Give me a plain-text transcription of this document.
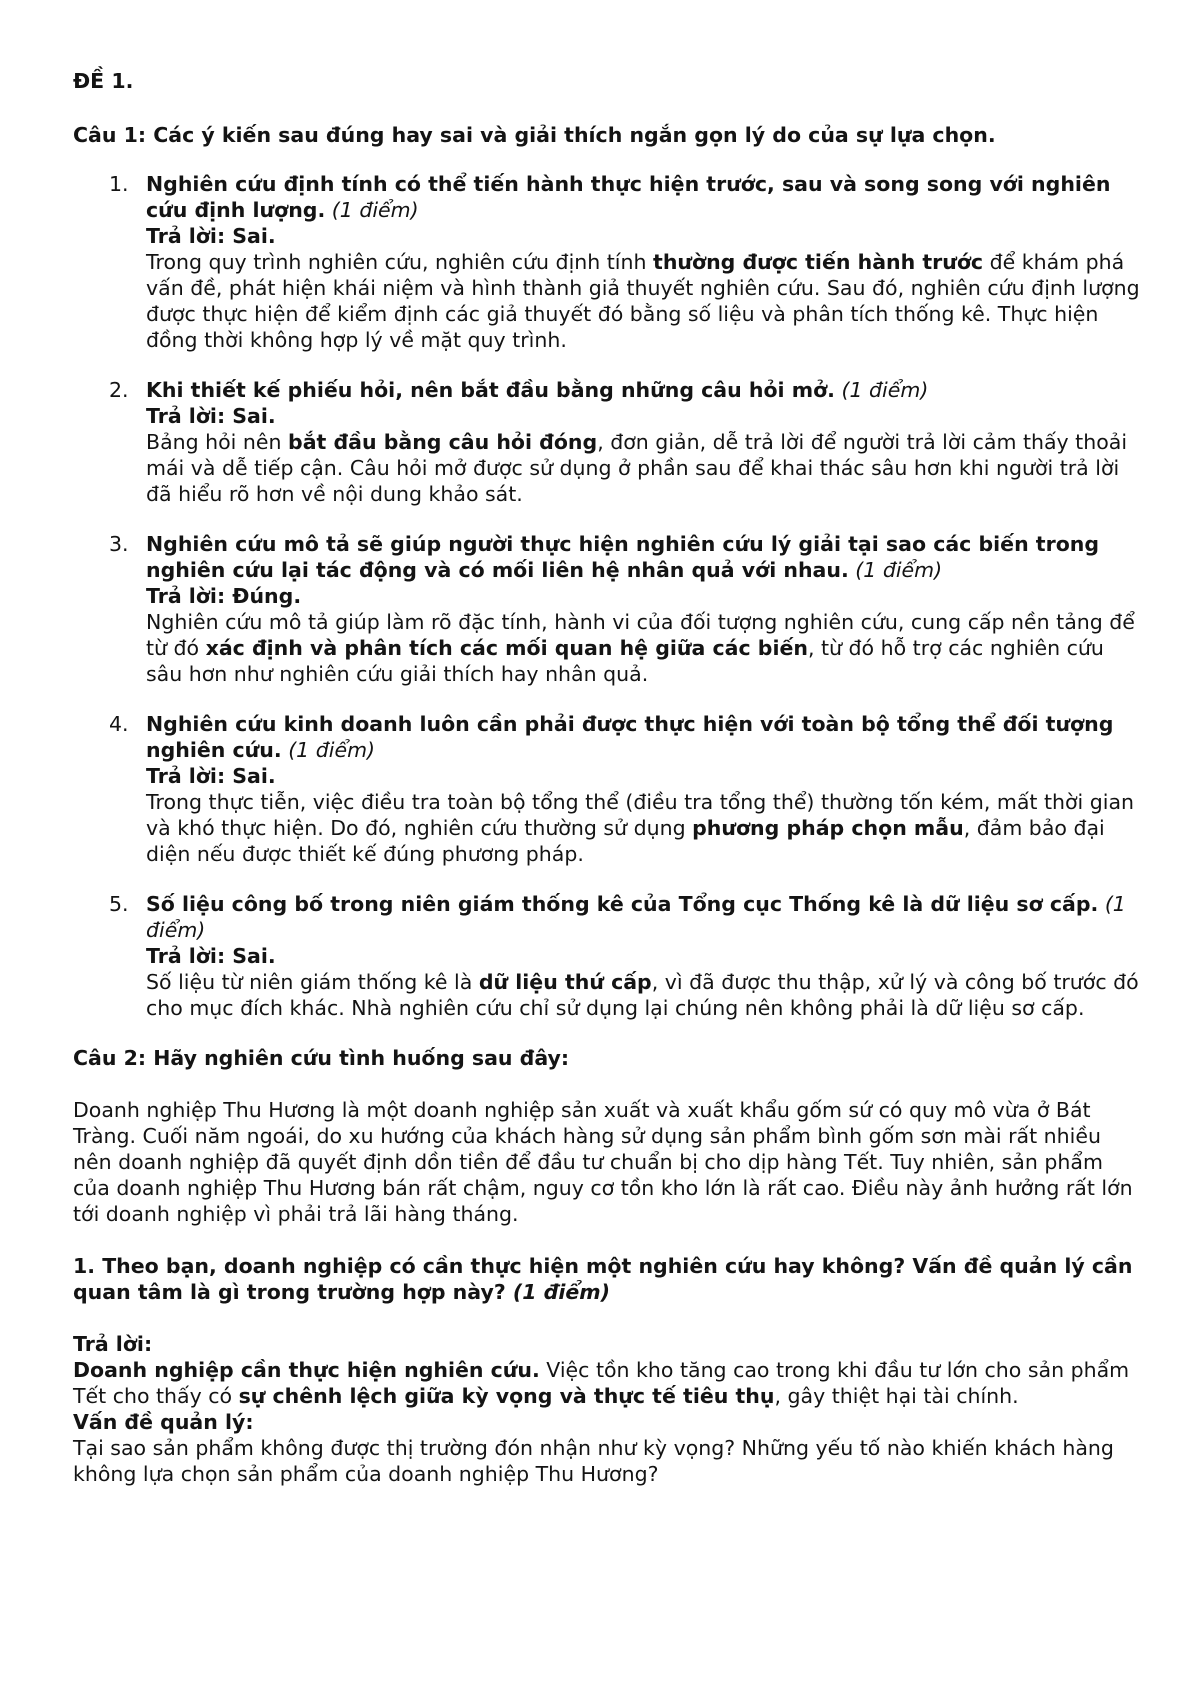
ĐỀ 1.

Câu 1: Các ý kiến sau đúng hay sai và giải thích ngắn gọn lý do của sự lựa chọn.

1. Nghiên cứu định tính có thể tiến hành thực hiện trước, sau và song song với nghiên cứu định lượng. (1 điểm)
Trả lời: Sai.
Trong quy trình nghiên cứu, nghiên cứu định tính thường được tiến hành trước để khám phá vấn đề, phát hiện khái niệm và hình thành giả thuyết nghiên cứu. Sau đó, nghiên cứu định lượng được thực hiện để kiểm định các giả thuyết đó bằng số liệu và phân tích thống kê. Thực hiện đồng thời không hợp lý về mặt quy trình.
2. Khi thiết kế phiếu hỏi, nên bắt đầu bằng những câu hỏi mở. (1 điểm)
Trả lời: Sai.
Bảng hỏi nên bắt đầu bằng câu hỏi đóng, đơn giản, dễ trả lời để người trả lời cảm thấy thoải mái và dễ tiếp cận. Câu hỏi mở được sử dụng ở phần sau để khai thác sâu hơn khi người trả lời đã hiểu rõ hơn về nội dung khảo sát.
3. Nghiên cứu mô tả sẽ giúp người thực hiện nghiên cứu lý giải tại sao các biến trong nghiên cứu lại tác động và có mối liên hệ nhân quả với nhau. (1 điểm)
Trả lời: Đúng.
Nghiên cứu mô tả giúp làm rõ đặc tính, hành vi của đối tượng nghiên cứu, cung cấp nền tảng để từ đó xác định và phân tích các mối quan hệ giữa các biến, từ đó hỗ trợ các nghiên cứu sâu hơn như nghiên cứu giải thích hay nhân quả.
4. Nghiên cứu kinh doanh luôn cần phải được thực hiện với toàn bộ tổng thể đối tượng nghiên cứu. (1 điểm)
Trả lời: Sai.
Trong thực tiễn, việc điều tra toàn bộ tổng thể (điều tra tổng thể) thường tốn kém, mất thời gian và khó thực hiện. Do đó, nghiên cứu thường sử dụng phương pháp chọn mẫu, đảm bảo đại diện nếu được thiết kế đúng phương pháp.
5. Số liệu công bố trong niên giám thống kê của Tổng cục Thống kê là dữ liệu sơ cấp. (1 điểm)
Trả lời: Sai.
Số liệu từ niên giám thống kê là dữ liệu thứ cấp, vì đã được thu thập, xử lý và công bố trước đó cho mục đích khác. Nhà nghiên cứu chỉ sử dụng lại chúng nên không phải là dữ liệu sơ cấp.

Câu 2: Hãy nghiên cứu tình huống sau đây:

Doanh nghiệp Thu Hương là một doanh nghiệp sản xuất và xuất khẩu gốm sứ có quy mô vừa ở Bát Tràng. Cuối năm ngoái, do xu hướng của khách hàng sử dụng sản phẩm bình gốm sơn mài rất nhiều nên doanh nghiệp đã quyết định dồn tiền để đầu tư chuẩn bị cho dịp hàng Tết. Tuy nhiên, sản phẩm của doanh nghiệp Thu Hương bán rất chậm, nguy cơ tồn kho lớn là rất cao. Điều này ảnh hưởng rất lớn tới doanh nghiệp vì phải trả lãi hàng tháng.

1. Theo bạn, doanh nghiệp có cần thực hiện một nghiên cứu hay không? Vấn đề quản lý cần quan tâm là gì trong trường hợp này? (1 điểm)

Trả lời:

Doanh nghiệp cần thực hiện nghiên cứu. Việc tồn kho tăng cao trong khi đầu tư lớn cho sản phẩm Tết cho thấy có sự chênh lệch giữa kỳ vọng và thực tế tiêu thụ, gây thiệt hại tài chính.

Vấn đề quản lý:

Tại sao sản phẩm không được thị trường đón nhận như kỳ vọng? Những yếu tố nào khiến khách hàng không lựa chọn sản phẩm của doanh nghiệp Thu Hương?
